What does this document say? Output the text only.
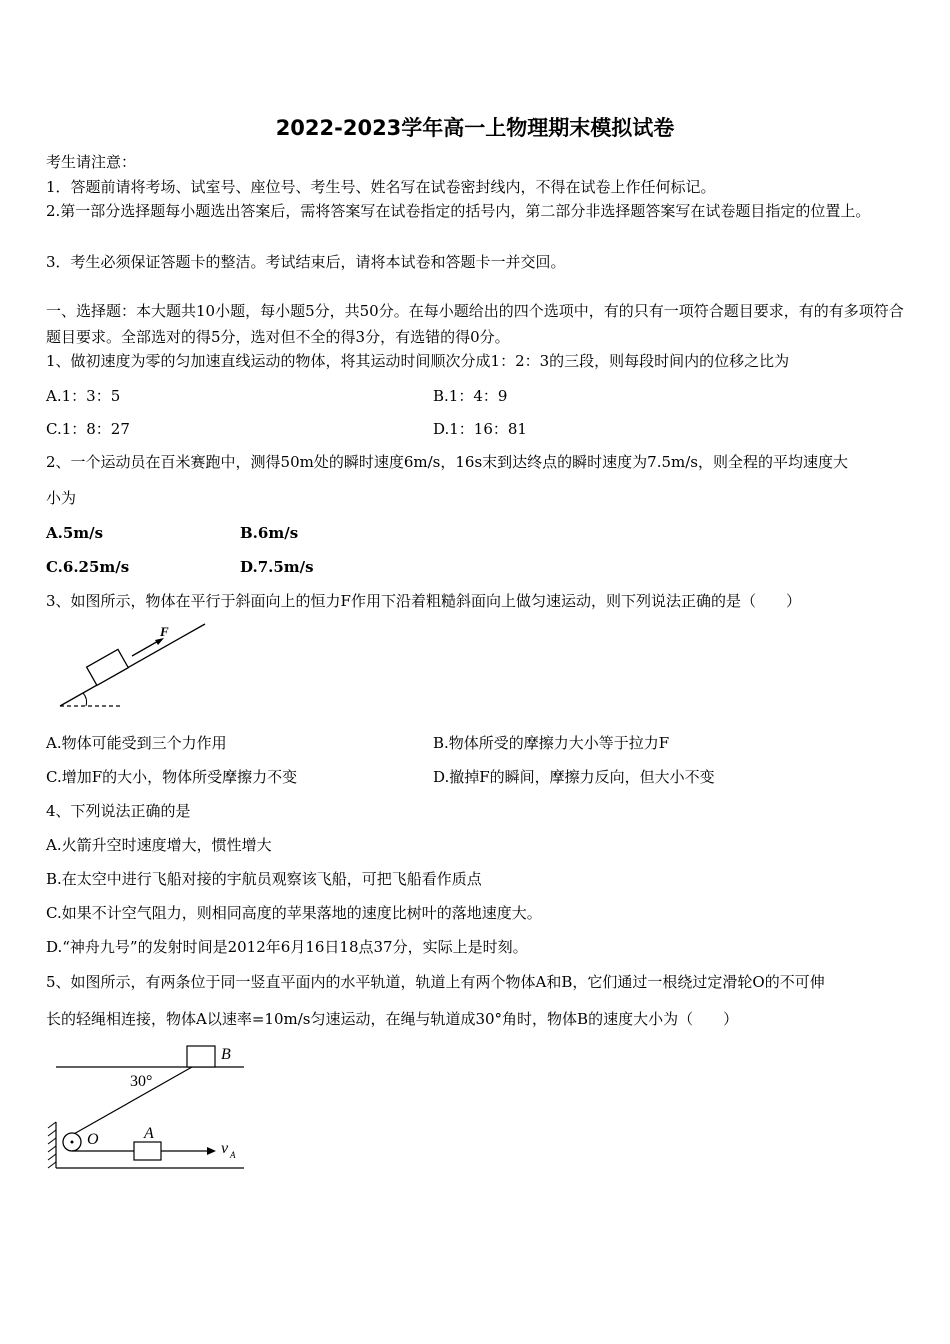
2022-2023学年高一上物理期末模拟试卷
考生请注意：
1．答题前请将考场、试室号、座位号、考生号、姓名写在试卷密封线内，不得在试卷上作任何标记。
2.第一部分选择题每小题选出答案后，需将答案写在试卷指定的括号内，第二部分非选择题答案写在试卷题目指定的位置上。
3．考生必须保证答题卡的整洁。考试结束后，请将本试卷和答题卡一并交回。
一、选择题：本大题共10小题，每小题5分，共50分。在每小题给出的四个选项中，有的只有一项符合题目要求，有的有多项符合题目要求。全部选对的得5分，选对但不全的得3分，有选错的得0分。
1、做初速度为零的匀加速直线运动的物体，将其运动时间顺次分成1：2：3的三段，则每段时间内的位移之比为
A.1：3：5	B.1：4：9
C.1：8：27	D.1：16：81
2、一个运动员在百米赛跑中，测得50m处的瞬时速度6m/s，16s末到达终点的瞬时速度为7.5m/s，则全程的平均速度大
小为
A.5m/s	B.6m/s
C.6.25m/s	D.7.5m/s
3、如图所示，物体在平行于斜面向上的恒力F作用下沿着粗糙斜面向上做匀速运动，则下列说法正确的是（　　）
F
A.物体可能受到三个力作用	B.物体所受的摩擦力大小等于拉力F
C.增加F的大小，物体所受摩擦力不变	D.撤掉F的瞬间，摩擦力反向，但大小不变
4、下列说法正确的是
A.火箭升空时速度增大，惯性增大
B.在太空中进行飞船对接的宇航员观察该飞船，可把飞船看作质点
C.如果不计空气阻力，则相同高度的苹果落地的速度比树叶的落地速度大。
D.“神舟九号”的发射时间是2012年6月16日18点37分，实际上是时刻。
5、如图所示，有两条位于同一竖直平面内的水平轨道，轨道上有两个物体A和B，它们通过一根绕过定滑轮O的不可伸
长的轻绳相连接，物体A以速率=10m/s匀速运动，在绳与轨道成30°角时，物体B的速度大小为（　　）
B
30°
O	A
v A
